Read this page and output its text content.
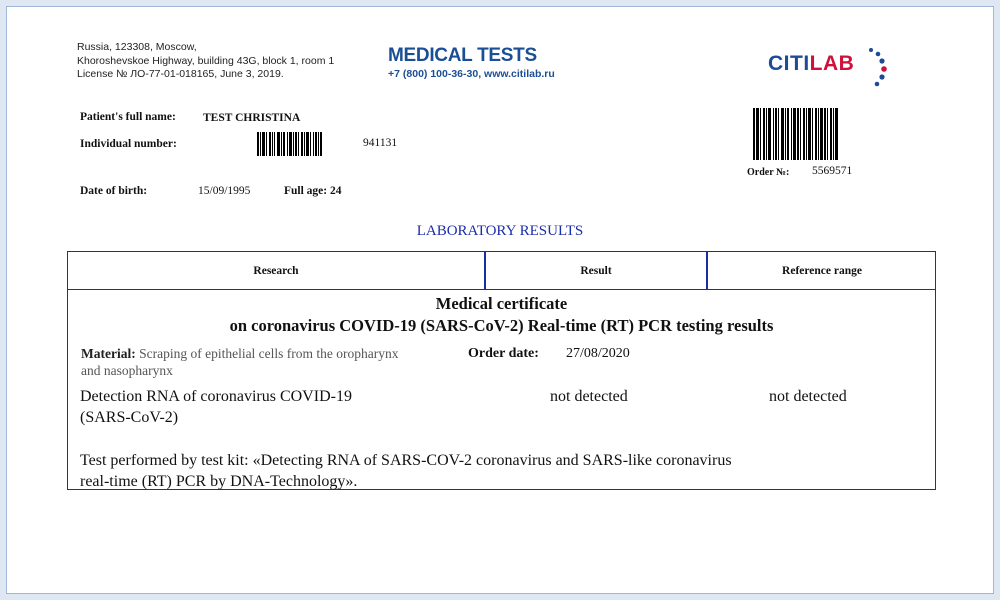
Russia, 123308, Moscow,
Khoroshevskoe Highway, building 43G, block 1, room 1
License № ЛО-77-01-018165, June 3, 2019.
MEDICAL TESTS
+7 (800) 100-36-30, www.citilab.ru	CITILAB
Patient's full name: TEST CHRISTINA
Individual number:	941131
Date of birth:	15/09/1995	Full age: 24
Order №: 5569571
LABORATORY RESULTS
Research	Result	Reference range
Medical certificate
on coronavirus COVID-19 (SARS-CoV-2) Real-time (RT) PCR testing results
Material: Scraping of epithelial cells from the oropharynx and nasopharynx
Order date: 27/08/2020
Detection RNA of coronavirus COVID-19
(SARS-CoV-2)
not detected	not detected
Test performed by test kit: «Detecting RNA of SARS-COV-2 coronavirus and SARS-like coronavirus
real-time (RT) PCR by DNA-Technology».
